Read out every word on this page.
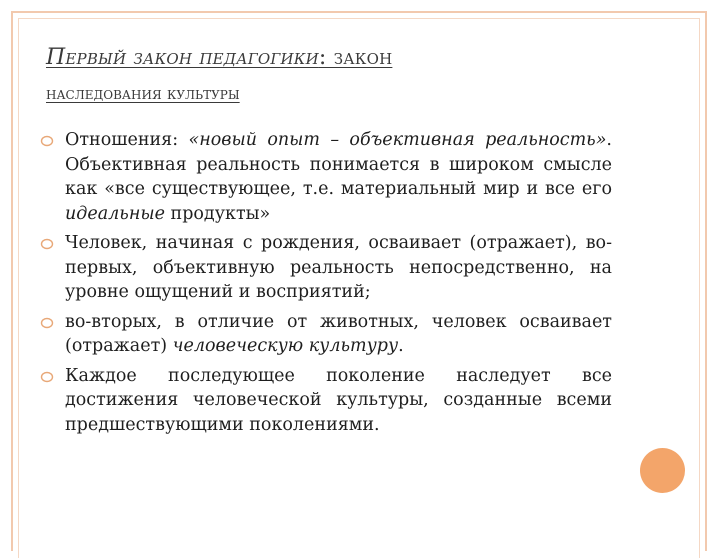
Первый закон педагогики: закон
наследования культуры
Отношения: «новый опыт – объективная реальность». Объективная реальность понимается в широком смысле как «все существующее, т.е. материальный мир и все его идеальные продукты»
Человек, начиная с рождения, осваивает (отражает), во-первых, объективную реальность непосредственно, на уровне ощущений и восприятий;
во-вторых, в отличие от животных, человек осваивает (отражает) человеческую культуру.
Каждое последующее поколение наследует все достижения человеческой культуры, созданные всеми предшествующими поколениями.
